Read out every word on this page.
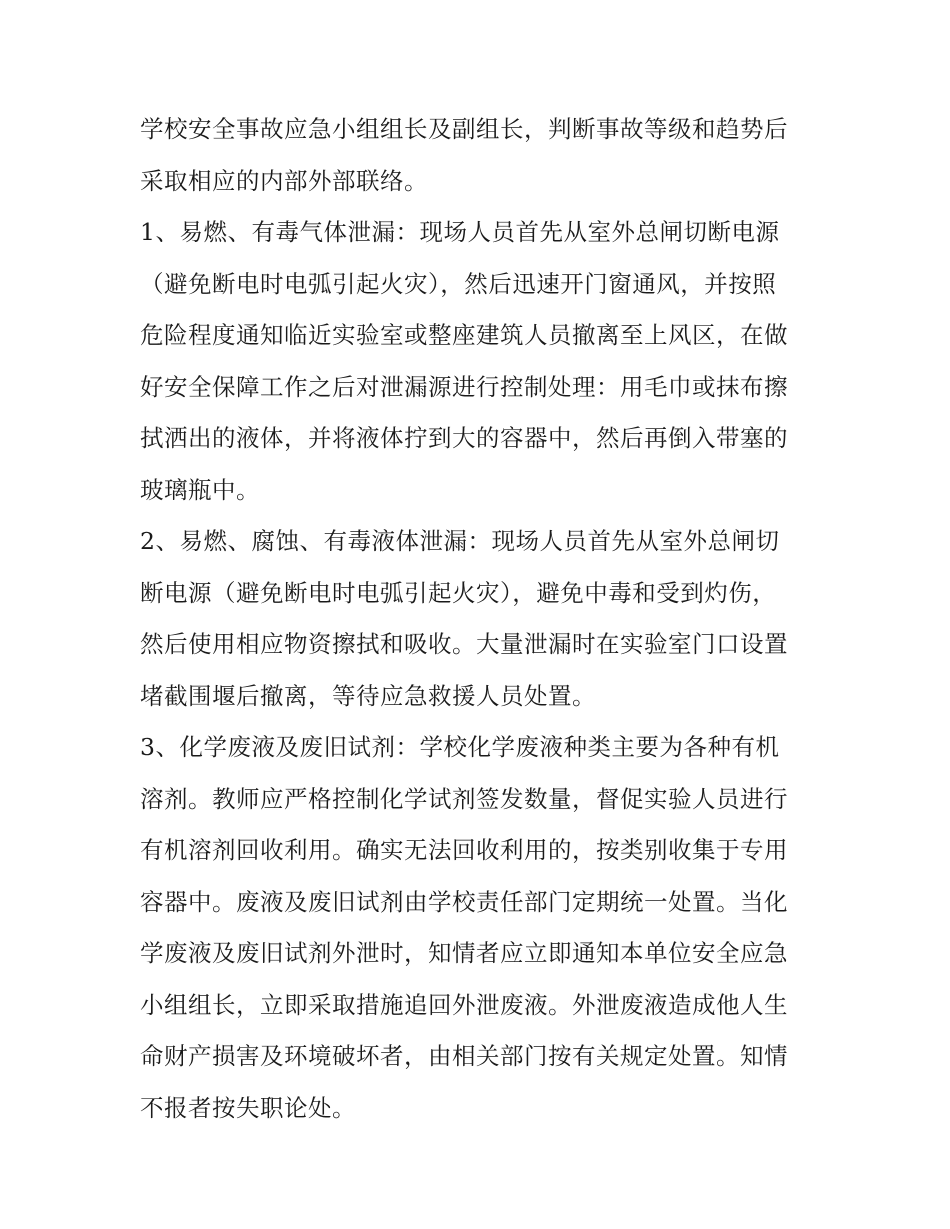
学校安全事故应急小组组长及副组长，判断事故等级和趋势后

采取相应的内部外部联络。

1、易燃、有毒气体泄漏：现场人员首先从室外总闸切断电源

（避免断电时电弧引起火灾），然后迅速开门窗通风，并按照

危险程度通知临近实验室或整座建筑人员撤离至上风区，在做

好安全保障工作之后对泄漏源进行控制处理：用毛巾或抹布擦

拭洒出的液体，并将液体拧到大的容器中，然后再倒入带塞的

玻璃瓶中。

2、易燃、腐蚀、有毒液体泄漏：现场人员首先从室外总闸切

断电源（避免断电时电弧引起火灾），避免中毒和受到灼伤，

然后使用相应物资擦拭和吸收。大量泄漏时在实验室门口设置

堵截围堰后撤离，等待应急救援人员处置。

3、化学废液及废旧试剂：学校化学废液种类主要为各种有机

溶剂。教师应严格控制化学试剂签发数量，督促实验人员进行

有机溶剂回收利用。确实无法回收利用的，按类别收集于专用

容器中。废液及废旧试剂由学校责任部门定期统一处置。当化

学废液及废旧试剂外泄时，知情者应立即通知本单位安全应急

小组组长，立即采取措施追回外泄废液。外泄废液造成他人生

命财产损害及环境破坏者，由相关部门按有关规定处置。知情

不报者按失职论处。
